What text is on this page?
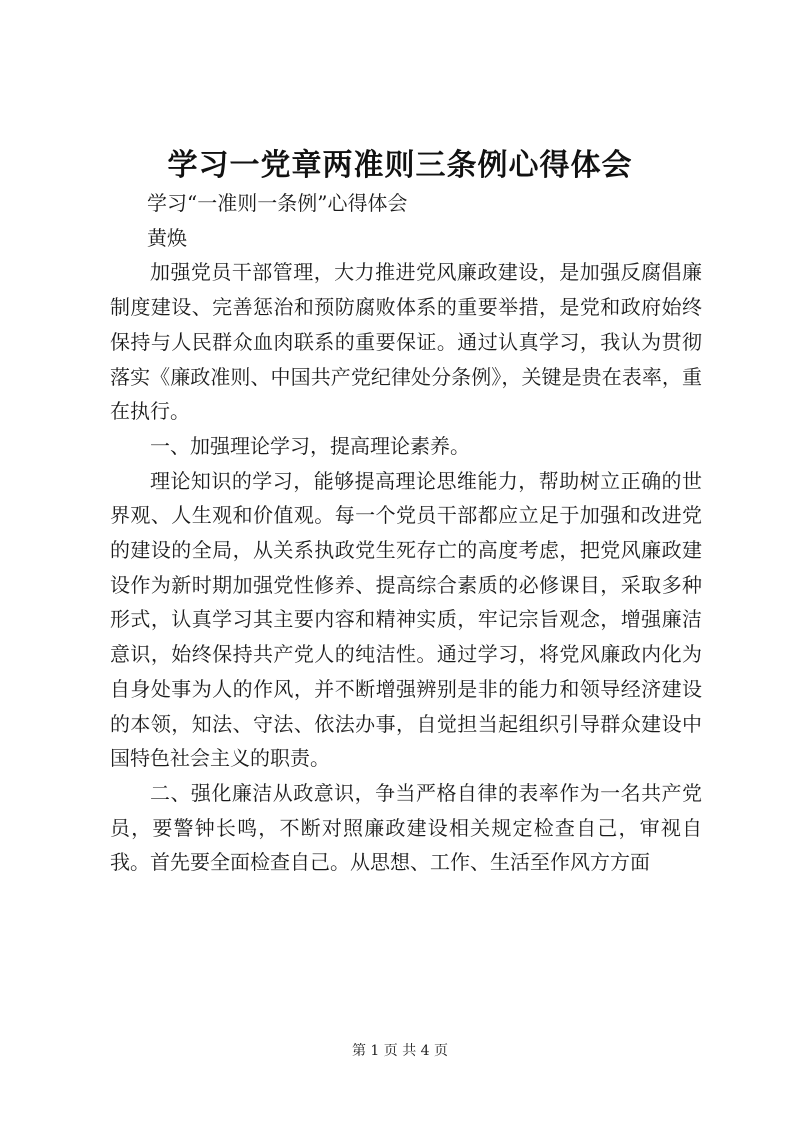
学习一党章两准则三条例心得体会

学习“一准则一条例”心得体会

黄焕

加强党员干部管理，大力推进党风廉政建设，是加强反腐倡廉制度建设、完善惩治和预防腐败体系的重要举措，是党和政府始终保持与人民群众血肉联系的重要保证。通过认真学习，我认为贯彻落实《廉政准则、中国共产党纪律处分条例》，关键是贵在表率，重在执行。

一、加强理论学习，提高理论素养。

理论知识的学习，能够提高理论思维能力，帮助树立正确的世界观、人生观和价值观。每一个党员干部都应立足于加强和改进党的建设的全局，从关系执政党生死存亡的高度考虑，把党风廉政建设作为新时期加强党性修养、提高综合素质的必修课目，采取多种形式，认真学习其主要内容和精神实质，牢记宗旨观念，增强廉洁意识，始终保持共产党人的纯洁性。通过学习，将党风廉政内化为自身处事为人的作风，并不断增强辨别是非的能力和领导经济建设的本领，知法、守法、依法办事，自觉担当起组织引导群众建设中国特色社会主义的职责。

二、强化廉洁从政意识，争当严格自律的表率作为一名共产党员，要警钟长鸣，不断对照廉政建设相关规定检查自己，审视自我。首先要全面检查自己。从思想、工作、生活至作风方方面

第 1 页 共 4 页
